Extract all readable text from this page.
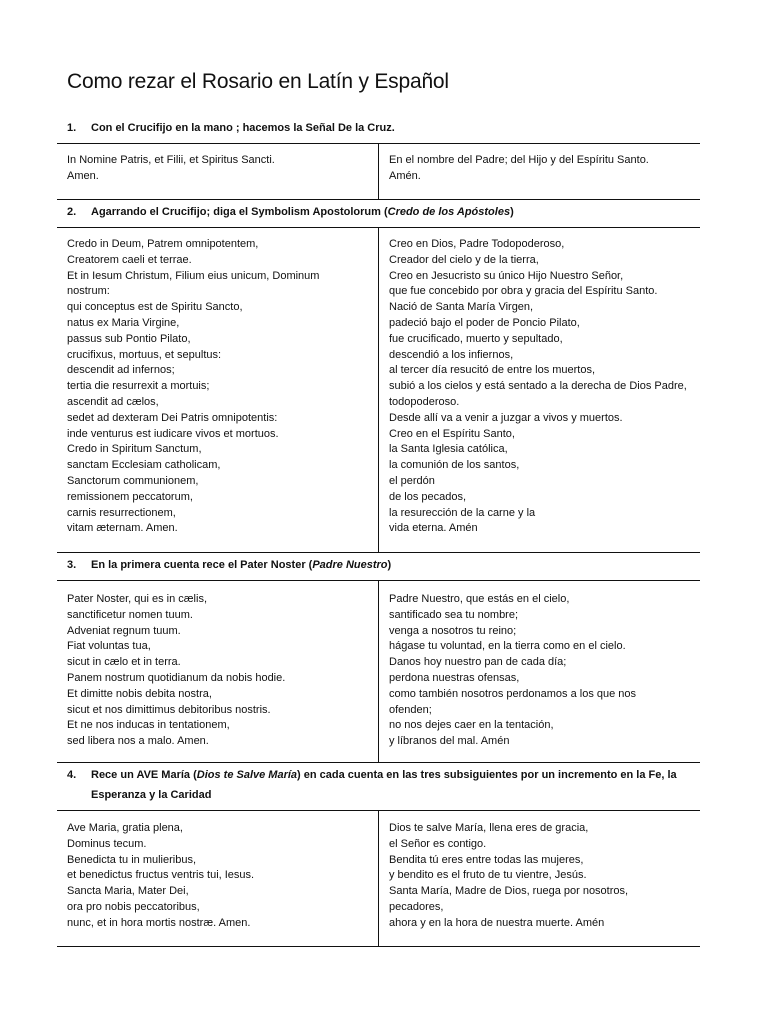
Como rezar el Rosario en Latín y Español
1. Con el Crucifijo en la mano ; hacemos la Señal De la Cruz.
In Nomine Patris, et Filii, et Spiritus Sancti.
Amen.
En el nombre del Padre; del Hijo y del Espíritu Santo.
Amén.
2. Agarrando el Crucifijo; diga el Symbolism Apostolorum (Credo de los Apóstoles)
Credo in Deum, Patrem omnipotentem,
Creatorem caeli et terrae.
Et in Iesum Christum, Filium eius unicum, Dominum
nostrum:
qui conceptus est de Spiritu Sancto,
natus ex Maria Virgine,
passus sub Pontio Pilato,
crucifixus, mortuus, et sepultus:
descendit ad infernos;
tertia die resurrexit a mortuis;
ascendit ad cælos,
sedet ad dexteram Dei Patris omnipotentis:
inde venturus est iudicare vivos et mortuos.
Credo in Spiritum Sanctum,
sanctam Ecclesiam catholicam,
Sanctorum communionem,
remissionem peccatorum,
carnis resurrectionem,
vitam æternam. Amen.
Creo en Dios, Padre Todopoderoso,
Creador del cielo y de la tierra,
Creo en Jesucristo su único Hijo Nuestro Señor,
que fue concebido por obra y gracia del Espíritu Santo.
Nació de Santa María Virgen,
padeció bajo el poder de Poncio Pilato,
fue crucificado, muerto y sepultado,
descendió a los infiernos,
al tercer día resucitó de entre los muertos,
subió a los cielos y está sentado a la derecha de Dios Padre,
todopoderoso.
Desde allí va a venir a juzgar a vivos y muertos.
Creo en el Espíritu Santo,
la Santa Iglesia católica,
la comunión de los santos,
el perdón
de los pecados,
la resurección de la carne y la
vida eterna. Amén
3. En la primera cuenta rece el Pater Noster (Padre Nuestro)
Pater Noster, qui es in cælis,
sanctificetur nomen tuum.
Adveniat regnum tuum.
Fiat voluntas tua,
sicut in cælo et in terra.
Panem nostrum quotidianum da nobis hodie.
Et dimitte nobis debita nostra,
sicut et nos dimittimus debitoribus nostris.
Et ne nos inducas in tentationem,
sed libera nos a malo. Amen.
Padre Nuestro, que estás en el cielo,
santificado sea tu nombre;
venga a nosotros tu reino;
hágase tu voluntad, en la tierra como en el cielo.
Danos hoy nuestro pan de cada día;
perdona nuestras ofensas,
como también nosotros perdonamos a los que nos
ofenden;
no nos dejes caer en la tentación,
y líbranos del mal. Amén
4. Rece un AVE María (Dios te Salve María) en cada cuenta en las tres subsiguientes por un incremento en la Fe, la Esperanza y la Caridad
Ave Maria, gratia plena,
Dominus tecum.
Benedicta tu in mulieribus,
et benedictus fructus ventris tui, Iesus.
Sancta Maria, Mater Dei,
ora pro nobis peccatoribus,
nunc, et in hora mortis nostræ. Amen.
Dios te salve María, llena eres de gracia,
el Señor es contigo.
Bendita tú eres entre todas las mujeres,
y bendito es el fruto de tu vientre, Jesús.
Santa María, Madre de Dios, ruega por nosotros,
pecadores,
ahora y en la hora de nuestra muerte. Amén
